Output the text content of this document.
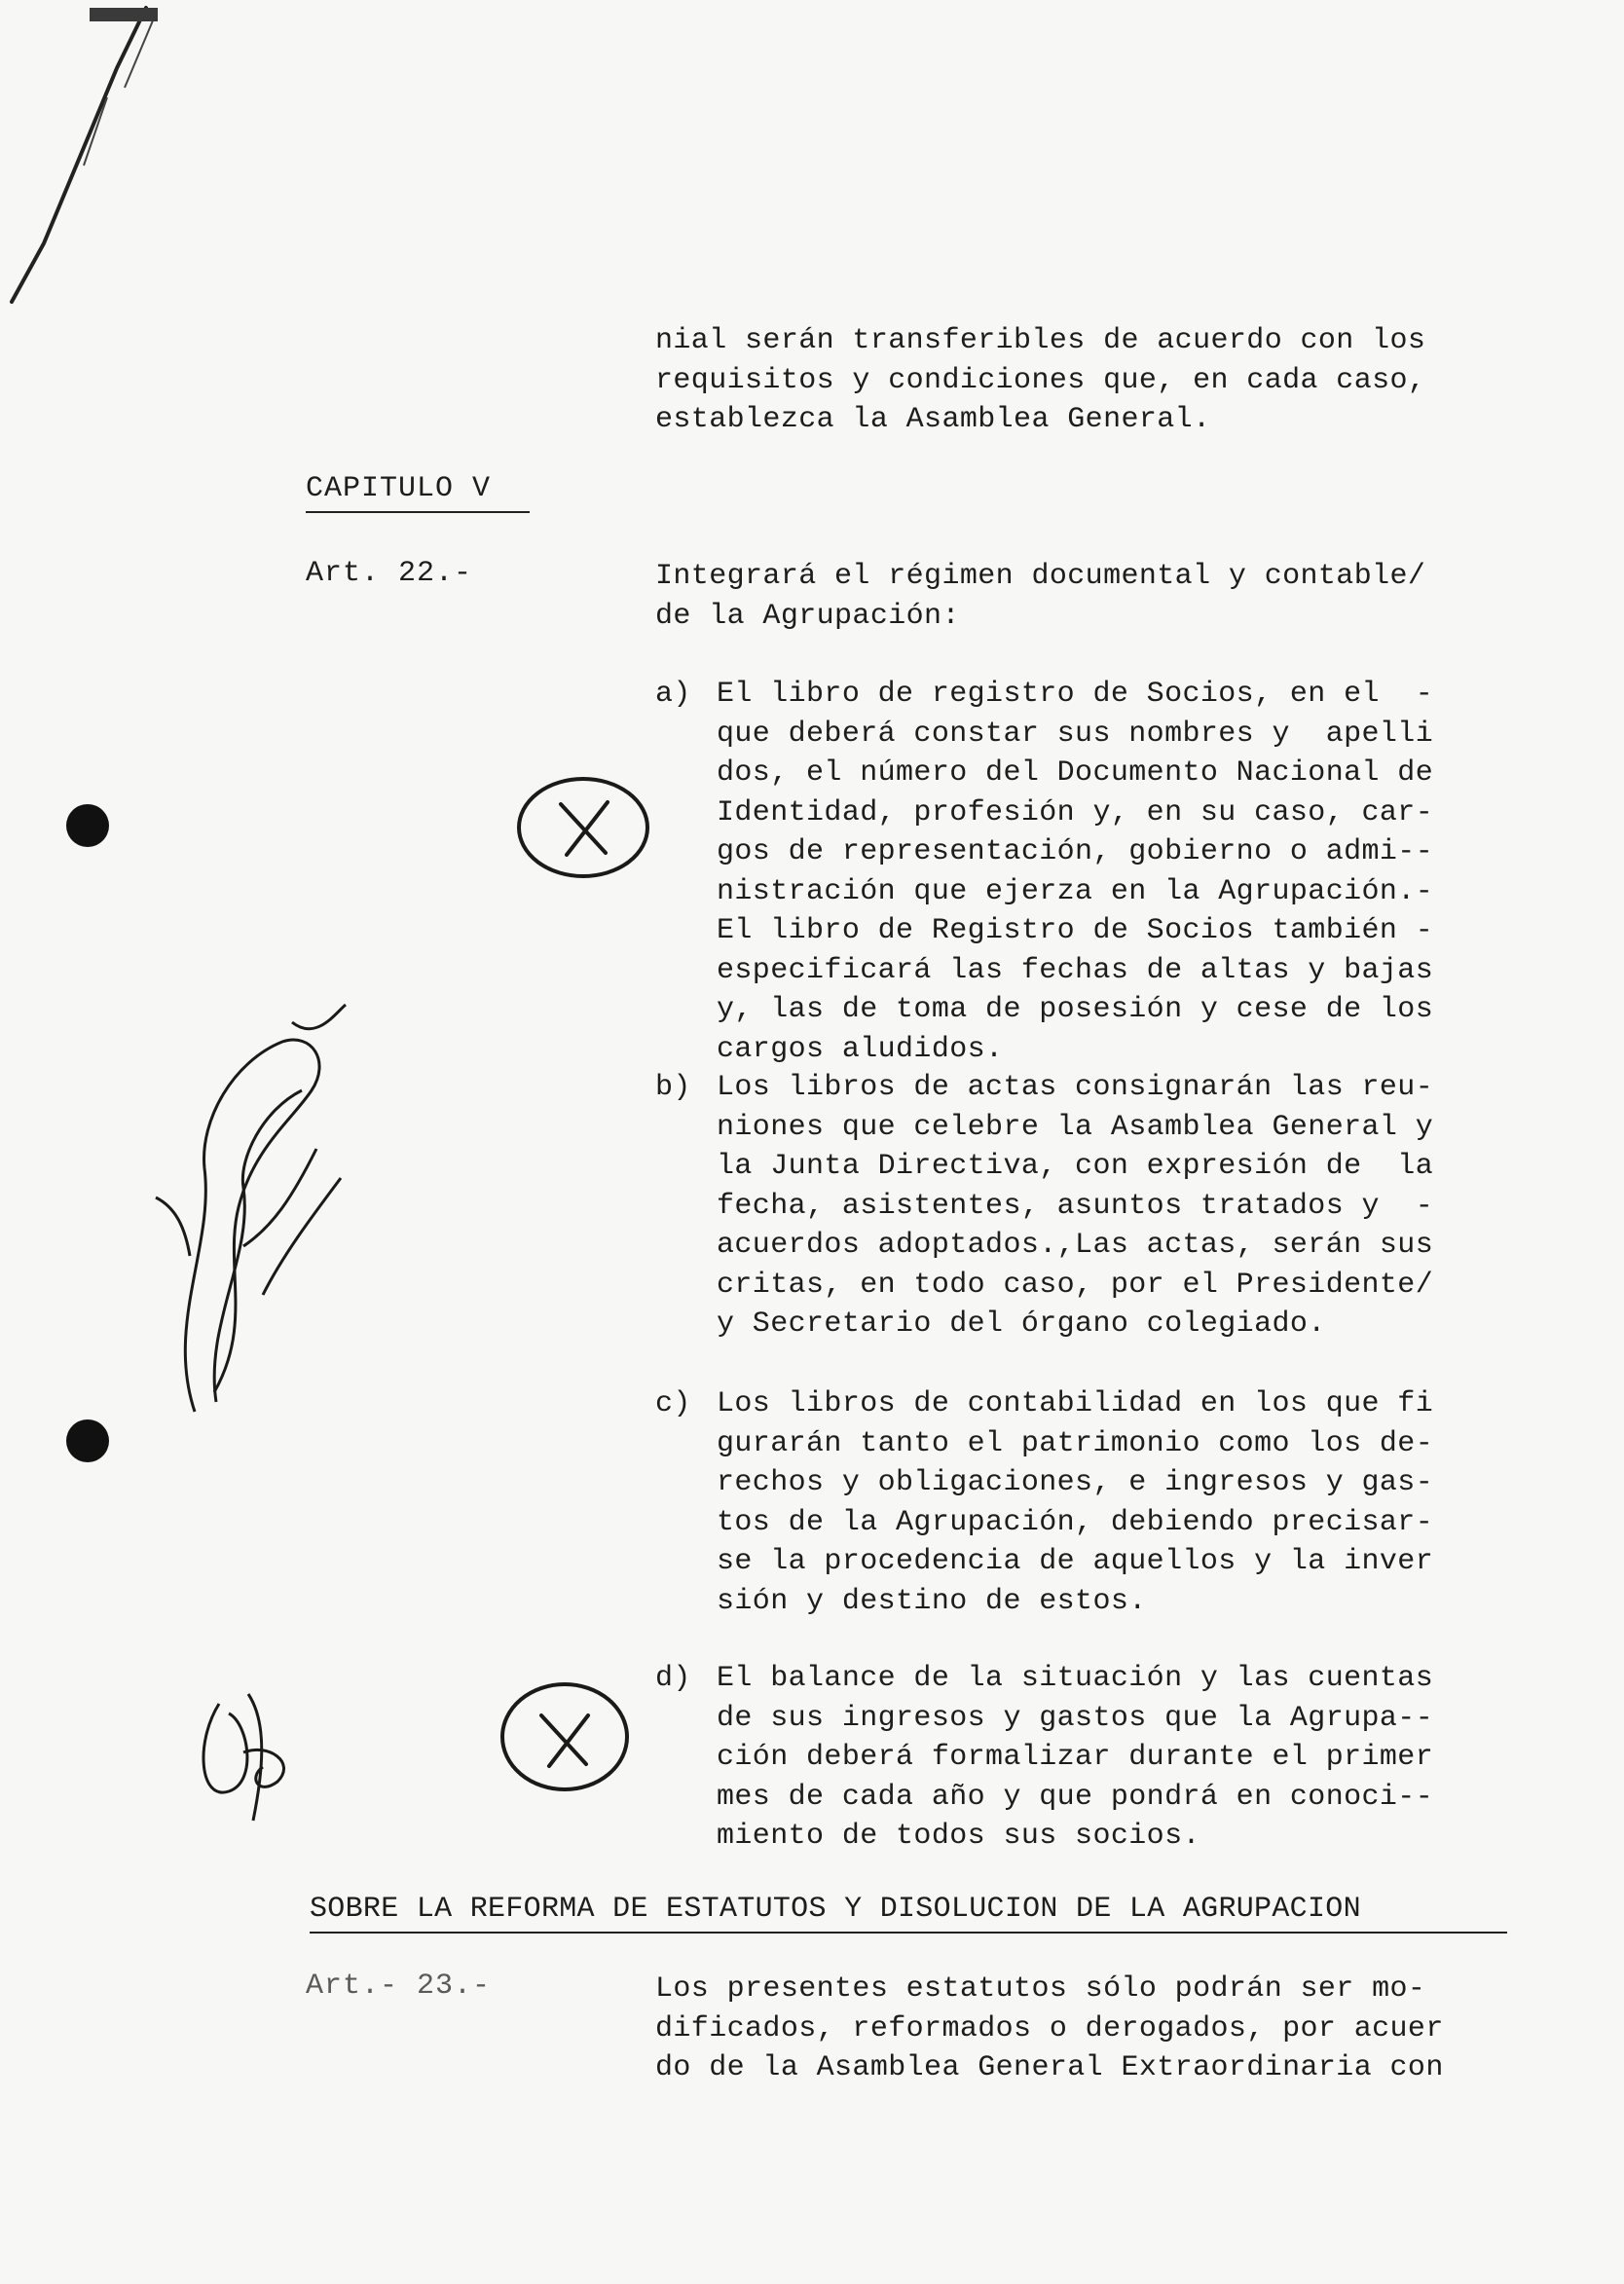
nial serán transferibles de acuerdo con los

requisitos y condiciones que, en cada caso,

establezca la Asamblea General.

CAPITULO V
Art. 22.-	Integrará el régimen documental y contable/

de la Agrupación:

a) El libro de registro de Socios, en el  -

que deberá constar sus nombres y  apelli

dos, el número del Documento Nacional de

Identidad, profesión y, en su caso, car-

gos de representación, gobierno o admi--

nistración que ejerza en la Agrupación.-

El libro de Registro de Socios también -

especificará las fechas de altas y bajas

y, las de toma de posesión y cese de los

cargos aludidos.

b) Los libros de actas consignarán las reu-

niones que celebre la Asamblea General y

la Junta Directiva, con expresión de  la

fecha, asistentes, asuntos tratados y  -

acuerdos adoptados.,Las actas, serán sus

critas, en todo caso, por el Presidente/

y Secretario del órgano colegiado.

c) Los libros de contabilidad en los que fi

gurarán tanto el patrimonio como los de-

rechos y obligaciones, e ingresos y gas-

tos de la Agrupación, debiendo precisar-

se la procedencia de aquellos y la inver

sión y destino de estos.

d) El balance de la situación y las cuentas

de sus ingresos y gastos que la Agrupa--

ción deberá formalizar durante el primer

mes de cada año y que pondrá en conoci--

miento de todos sus socios.

SOBRE LA REFORMA DE ESTATUTOS Y DISOLUCION DE LA AGRUPACION
Art.- 23.-	Los presentes estatutos sólo podrán ser mo-

dificados, reformados o derogados, por acuer

do de la Asamblea General Extraordinaria con
